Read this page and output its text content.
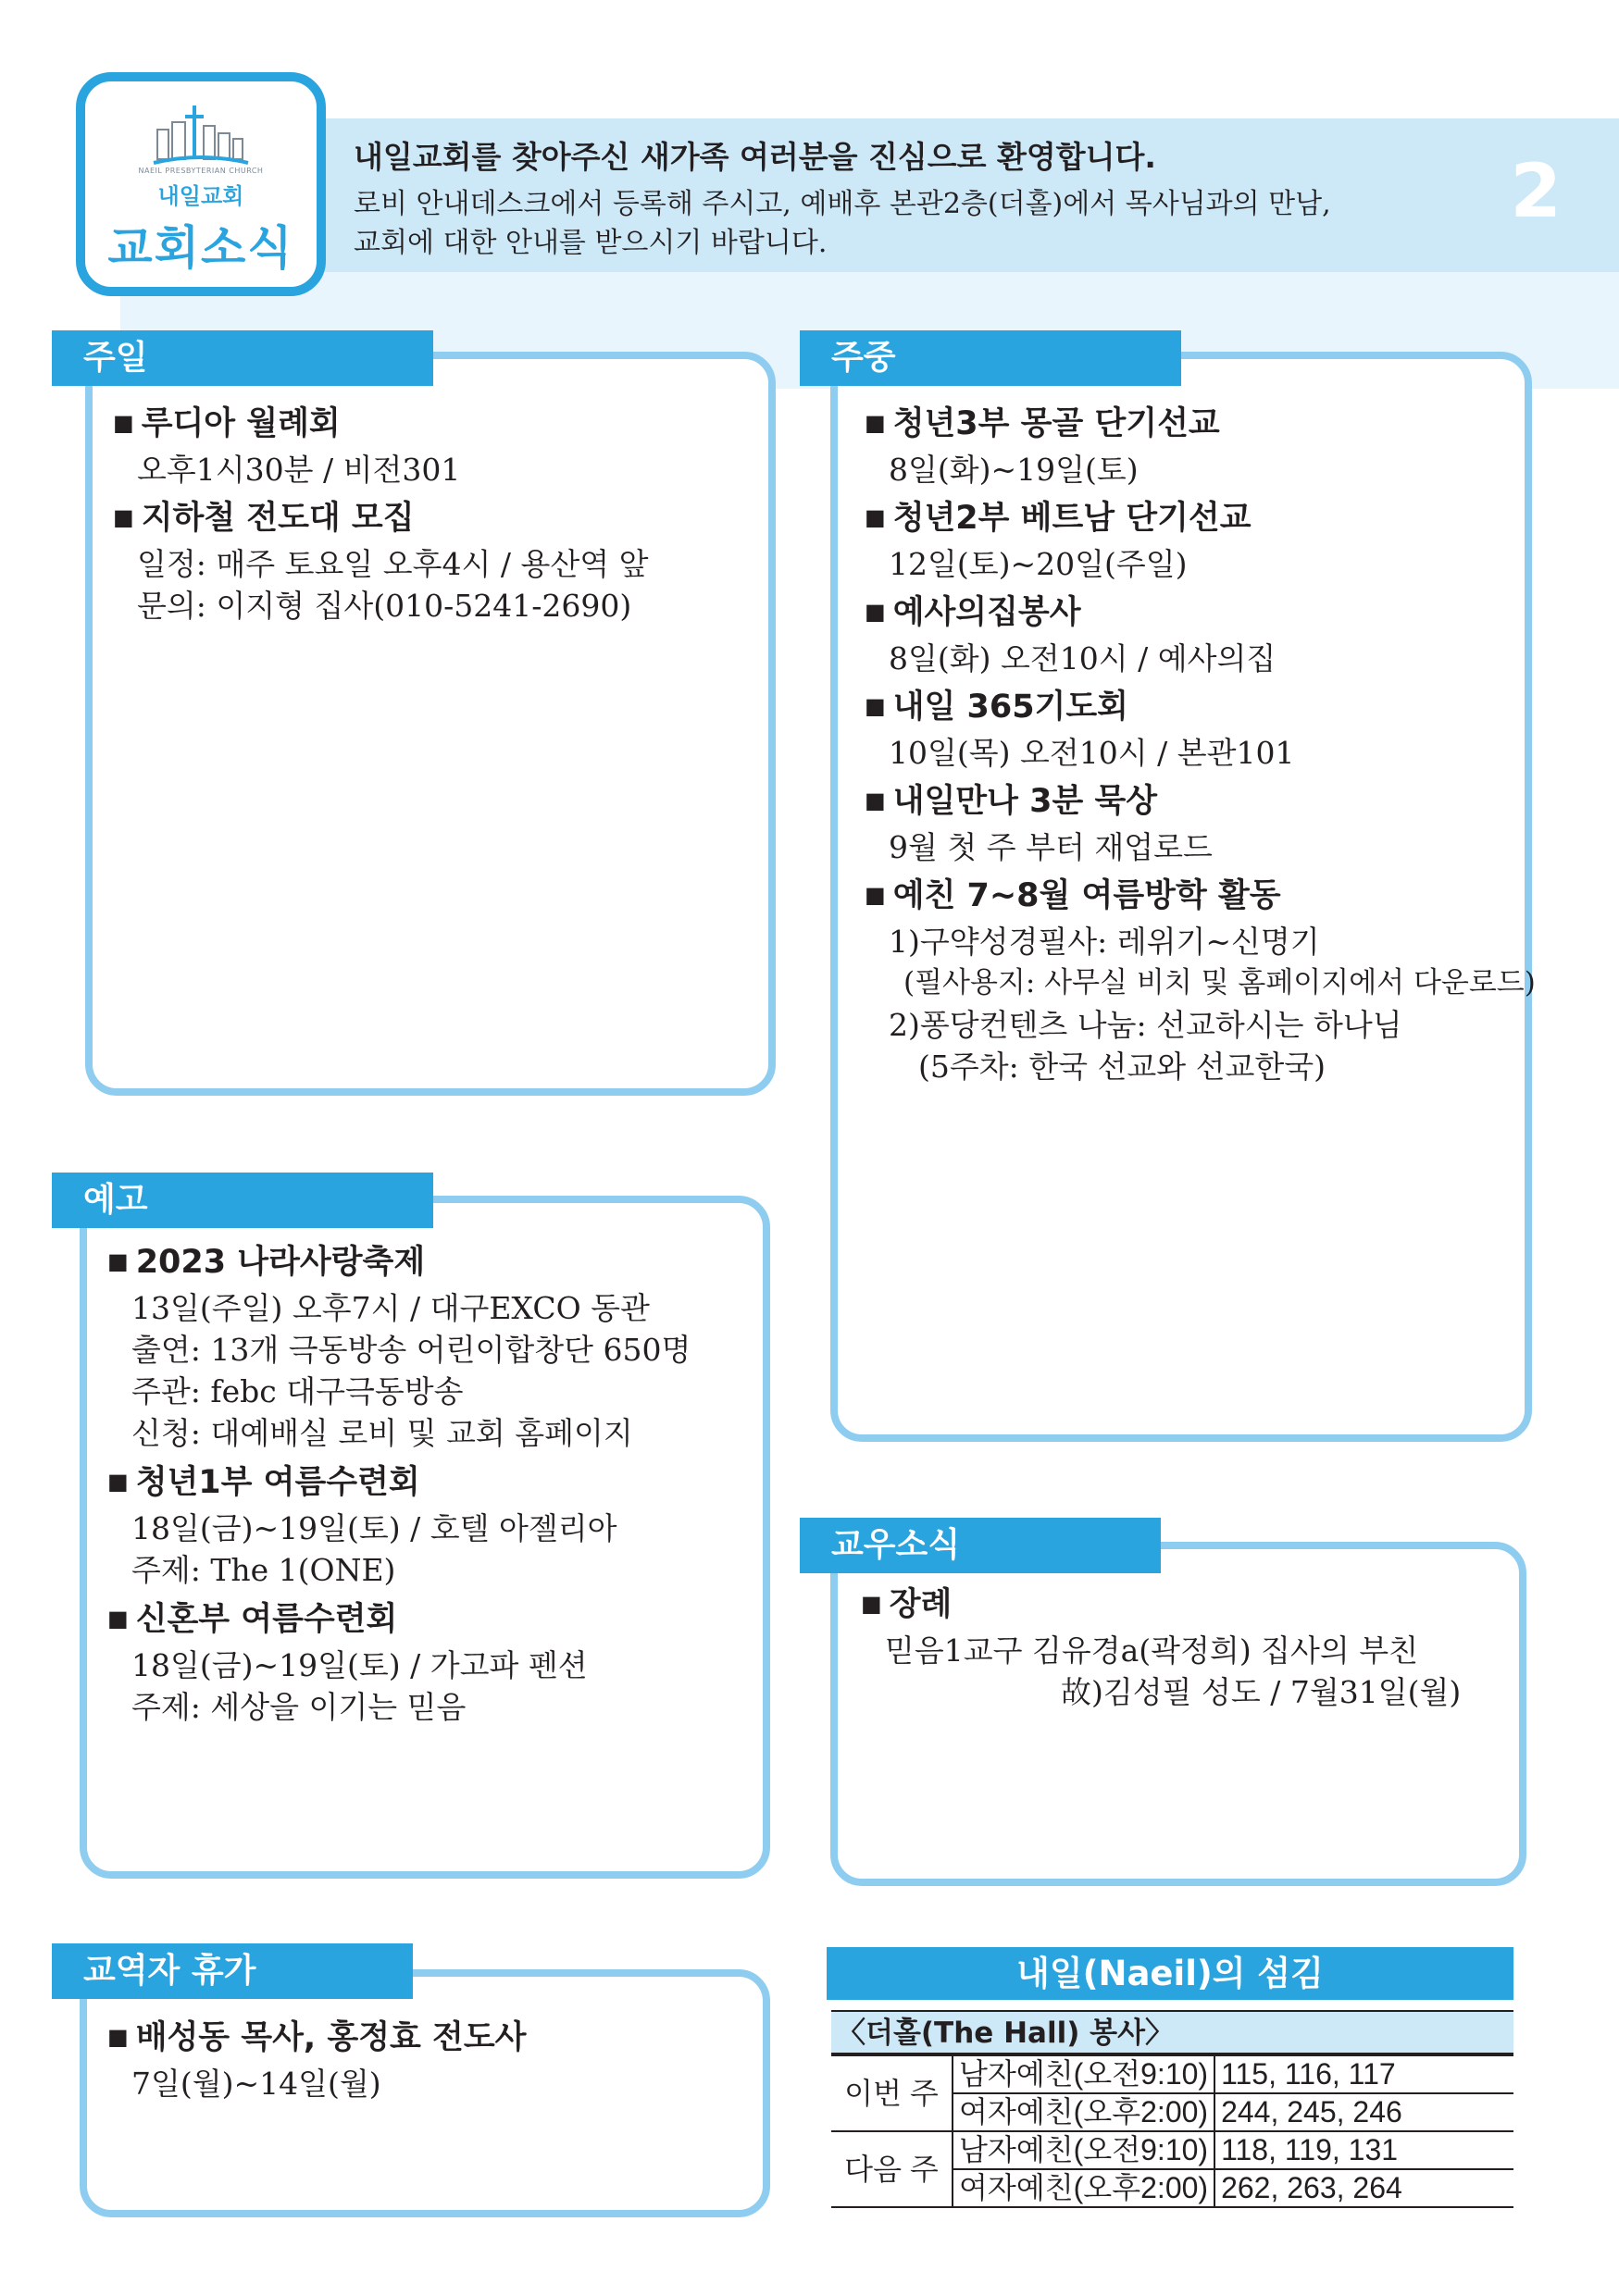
2
NAEIL PRESBYTERIAN CHURCH
내일교회
교회소식

내일교회를 찾아주신 새가족 여러분을 진심으로 환영합니다.

로비 안내데스크에서 등록해 주시고, 예배후 본관2층(더홀)에서 목사님과의 만남,

교회에 대한 안내를 받으시기 바랍니다.

주일
■ 루디아 월례회
오후1시30분 / 비전301
■ 지하철 전도대 모집
일정: 매주 토요일 오후4시 / 용산역 앞
문의: 이지형 집사(010-5241-2690)
주중
■ 청년3부 몽골 단기선교
8일(화)~19일(토)
■ 청년2부 베트남 단기선교
12일(토)~20일(주일)
■ 예사의집봉사
8일(화) 오전10시 / 예사의집
■ 내일 365기도회
10일(목) 오전10시 / 본관101
■ 내일만나 3분 묵상
9월 첫 주 부터 재업로드
■ 예친 7~8월 여름방학 활동
1)구약성경필사: 레위기~신명기
(필사용지: 사무실 비치 및 홈페이지에서 다운로드)
2)퐁당컨텐츠 나눔: 선교하시는 하나님
(5주차: 한국 선교와 선교한국)
예고
■ 2023 나라사랑축제
13일(주일) 오후7시 / 대구EXCO 동관
출연: 13개 극동방송 어린이합창단 650명
주관: febc 대구극동방송
신청: 대예배실 로비 및 교회 홈페이지
■ 청년1부 여름수련회
18일(금)~19일(토) / 호텔 아젤리아
주제: The 1(ONE)
■ 신혼부 여름수련회
18일(금)~19일(토) / 가고파 펜션
주제: 세상을 이기는 믿음
교우소식
■ 장례
믿음1교구 김유경a(곽정희) 집사의 부친
故)김성필 성도 / 7월31일(월)
교역자 휴가
■ 배성동 목사, 홍정효 전도사
7일(월)~14일(월)
내일(Naeil)의 섬김
〈더홀(The Hall) 봉사〉
이번 주	남자예친(오전9:10)	115, 116, 117
	여자예친(오후2:00)	244, 245, 246
다음 주	남자예친(오전9:10)	118, 119, 131
	여자예친(오후2:00)	262, 263, 264
